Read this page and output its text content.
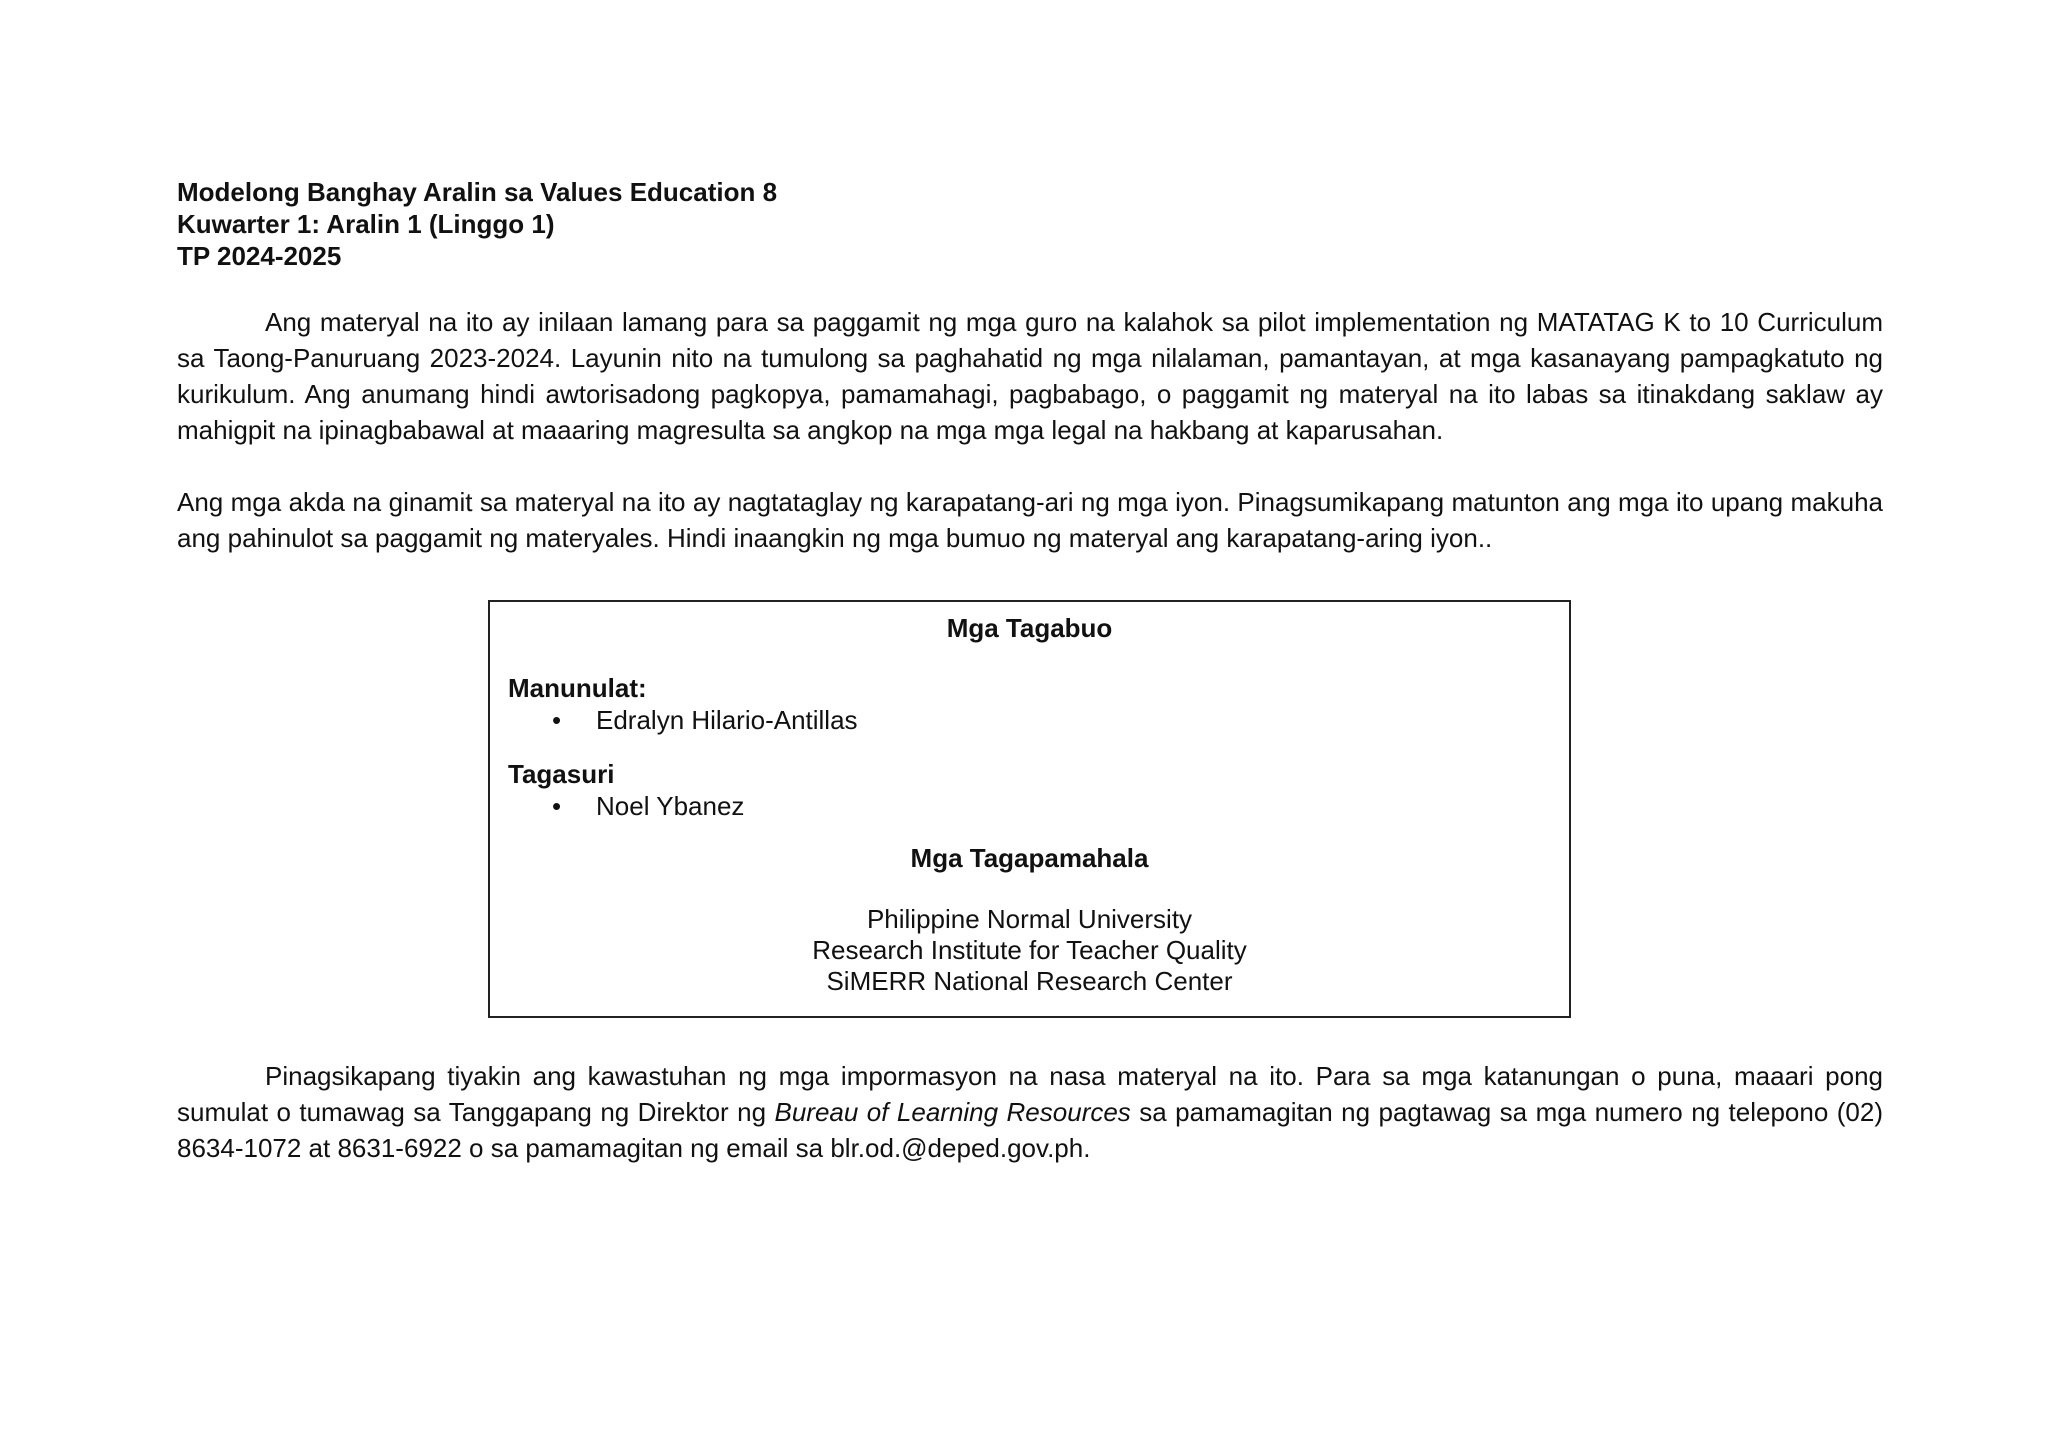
Modelong Banghay Aralin sa Values Education 8

Kuwarter 1: Aralin 1 (Linggo 1)

TP 2024-2025

Ang materyal na ito ay inilaan lamang para sa paggamit ng mga guro na kalahok sa pilot implementation ng MATATAG K to 10 Curriculum sa Taong-Panuruang 2023-2024. Layunin nito na tumulong sa paghahatid ng mga nilalaman, pamantayan, at mga kasanayang pampagkatuto ng kurikulum. Ang anumang hindi awtorisadong pagkopya, pamamahagi, pagbabago, o paggamit ng materyal na ito labas sa itinakdang saklaw ay mahigpit na ipinagbabawal at maaaring magresulta sa angkop na mga mga legal na hakbang at kaparusahan.

Ang mga akda na ginamit sa materyal na ito ay nagtataglay ng karapatang-ari ng mga iyon. Pinagsumikapang matunton ang mga ito upang makuha ang pahinulot sa paggamit ng materyales. Hindi inaangkin ng mga bumuo ng materyal ang karapatang-aring iyon..

Mga Tagabuo

Manunulat:

• Edralyn Hilario-Antillas

Tagasuri

• Noel Ybanez

Mga Tagapamahala

Philippine Normal University

Research Institute for Teacher Quality

SiMERR National Research Center

Pinagsikapang tiyakin ang kawastuhan ng mga impormasyon na nasa materyal na ito. Para sa mga katanungan o puna, maaari pong sumulat o tumawag sa Tanggapang ng Direktor ng Bureau of Learning Resources sa pamamagitan ng pagtawag sa mga numero ng telepono (02) 8634-1072 at 8631-6922 o sa pamamagitan ng email sa blr.od.@deped.gov.ph.
